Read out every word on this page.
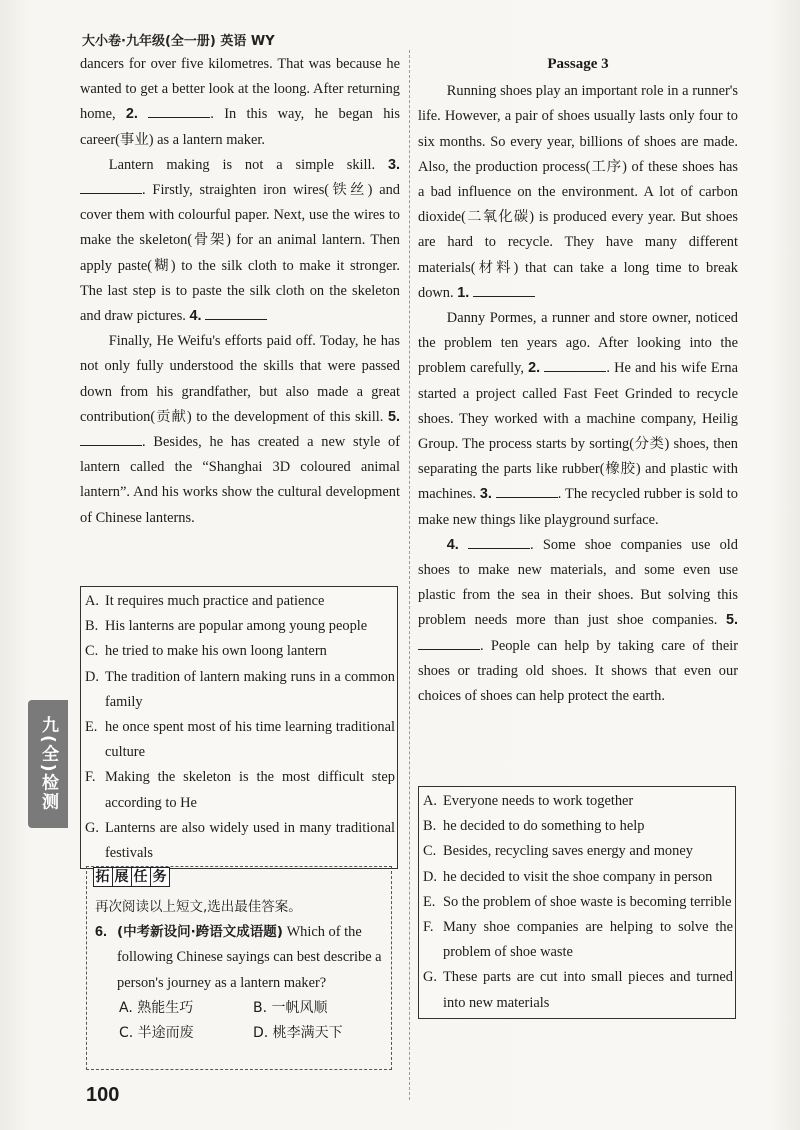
大小卷·九年级(全一册) 英语 WY

dancers for over five kilometres. That was because he wanted to get a better look at the loong. After returning home, 2.	. In this way, he began his career(事业) as a lantern maker.

Lantern making is not a simple skill. 3. . Firstly, straighten iron wires(铁丝) and cover them with colourful paper. Next, use the wires to make the skeleton(骨架) for an animal lantern. Then apply paste(糊) to the silk cloth to make it stronger. The last step is to paste the silk cloth on the skeleton and draw pictures. 4.

Finally, He Weifu's efforts paid off. Today, he has not only fully understood the skills that were passed down from his grandfather, but also made a great contribution(贡献) to the development of this skill. 5. . Besides, he has created a new style of lantern called the “Shanghai 3D coloured animal lantern”. And his works show the cultural development of Chinese lanterns.

A. It requires much practice and patience
B. His lanterns are popular among young people
C. he tried to make his own loong lantern
D. The tradition of lantern making runs in a common family
E. he once spent most of his time learning traditional culture
F. Making the skeleton is the most difficult step according to He
G. Lanterns are also widely used in many traditional festivals
拓 展 任 务

再次阅读以上短文,选出最佳答案。

6. (中考新设问·跨语文成语题) Which of the following Chinese sayings can best describe a person's journey as a lantern maker?
A. 熟能生巧	B. 一帆风顺
C. 半途而废	D. 桃李满天下

Passage 3

Running shoes play an important role in a runner's life. However, a pair of shoes usually lasts only four to six months. So every year, billions of shoes are made. Also, the production process(工序) of these shoes has a bad influence on the environment. A lot of carbon dioxide(二氧化碳) is produced every year. But shoes are hard to recycle. They have many different materials(材料) that can take a long time to break down. 1.

Danny Pormes, a runner and store owner, noticed the problem ten years ago. After looking into the problem carefully, 2.	. He and his wife Erna started a project called Fast Feet Grinded to recycle shoes. They worked with a machine company, Heilig Group. The process starts by sorting(分类) shoes, then separating the parts like rubber(橡胶) and plastic with machines. 3.	. The recycled rubber is sold to make new things like playground surface.

4.	. Some shoe companies use old shoes to make new materials, and some even use plastic from the sea in their shoes. But solving this problem needs more than just shoe companies. 5. . People can help by taking care of their shoes or trading old shoes. It shows that even our choices of shoes can help protect the earth.

A. Everyone needs to work together
B. he decided to do something to help
C. Besides, recycling saves energy and money
D. he decided to visit the shoe company in person
E. So the problem of shoe waste is becoming terrible
F. Many shoe companies are helping to solve the problem of shoe waste
G. These parts are cut into small pieces and turned into new materials
九(全)检测
100
